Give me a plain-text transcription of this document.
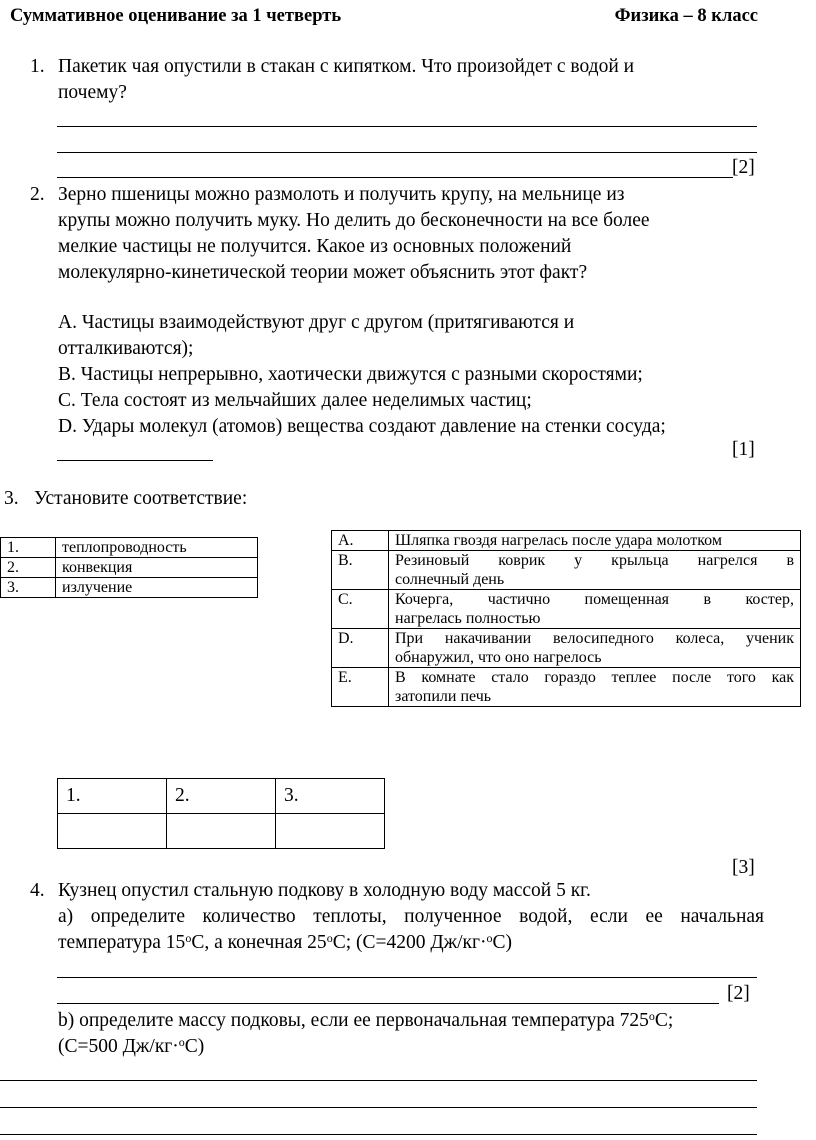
Суммативное оценивание за 1 четверть	Физика – 8 класс
1. Пакетик чая опустили в стакан с кипятком. Что произойдет с водой и
почему?
[2]
2. Зерно пшеницы можно размолоть и получить крупу, на мельнице из
крупы можно получить муку. Но делить до бесконечности на все более
мелкие частицы не получится. Какое из основных положений
молекулярно-кинетической теории может объяснить этот факт?
A. Частицы взаимодействуют друг с другом (притягиваются и
отталкиваются);
B. Частицы непрерывно, хаотически движутся с разными скоростями;
C. Тела состоят из мельчайших далее неделимых частиц;
D. Удары молекул (атомов) вещества создают давление на стенки сосуда;
[1]
3. Установите соответствие:
1.	теплопроводность
2.	конвекция
3.	излучение
A.	Шляпка гвоздя нагрелась после удара молотком

B.	Резиновый коврик у крыльца нагрелся в
солнечный день

C.	Кочерга, частично помещенная в костер,
нагрелась полностью

D.	При накачивании велосипедного колеса, ученик
обнаружил, что оно нагрелось

E.	В комнате стало гораздо теплее после того как
затопили печь
1.	2.	3.

[3]
4. Кузнец опустил стальную подкову в холодную воду массой 5 кг.
а) определите количество теплоты, полученное водой, если ее начальная
температура $15^оС$, а конечная $25^оС$; (С=4200 Дж/кг·$^о$С)
[2]
b) определите массу подковы, если ее первоначальная температура $725^оС$;
(С=500 Дж/кг·$^о$С)
